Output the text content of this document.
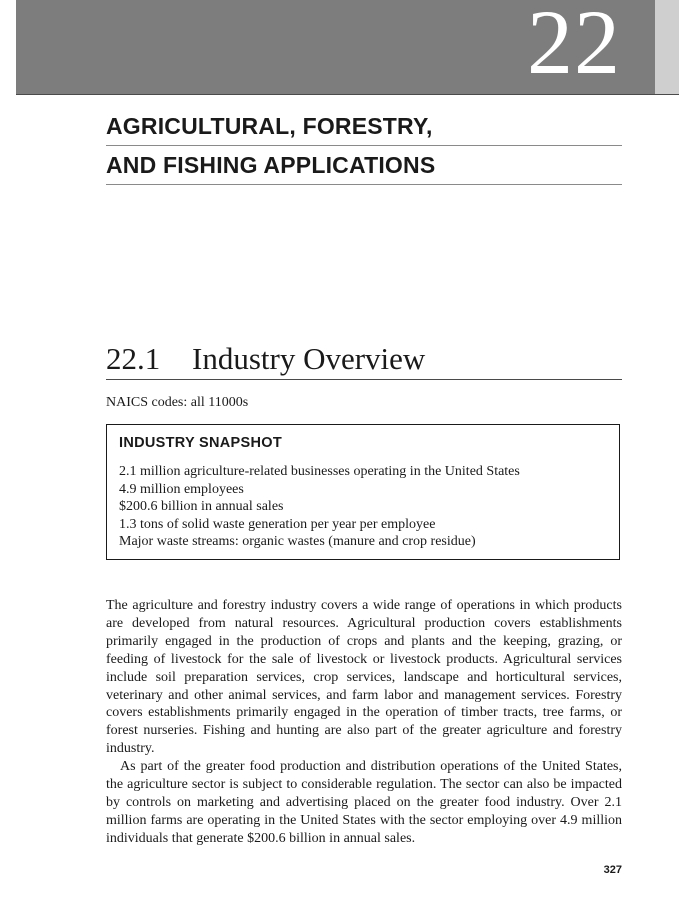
22
AGRICULTURAL, FORESTRY,
AND FISHING APPLICATIONS
22.1 Industry Overview
NAICS codes: all 11000s
INDUSTRY SNAPSHOT
2.1 million agriculture-related businesses operating in the United States
4.9 million employees
$200.6 billion in annual sales
1.3 tons of solid waste generation per year per employee
Major waste streams: organic wastes (manure and crop residue)

The agriculture and forestry industry covers a wide range of operations in which products are developed from natural resources. Agricultural production covers establishments primarily engaged in the production of crops and plants and the keeping, grazing, or feeding of livestock for the sale of livestock or livestock products. Agricultural services include soil preparation services, crop services, landscape and horticultural services, veterinary and other animal services, and farm labor and management services. Forestry covers establishments primarily engaged in the operation of timber tracts, tree farms, or forest nurseries. Fishing and hunting are also part of the greater agriculture and forestry industry.

As part of the greater food production and distribution operations of the United States, the agriculture sector is subject to considerable regulation. The sector can also be impacted by controls on marketing and advertising placed on the greater food industry. Over 2.1 million farms are operating in the United States with the sector employing over 4.9 million individuals that generate $200.6 billion in annual sales.

327
